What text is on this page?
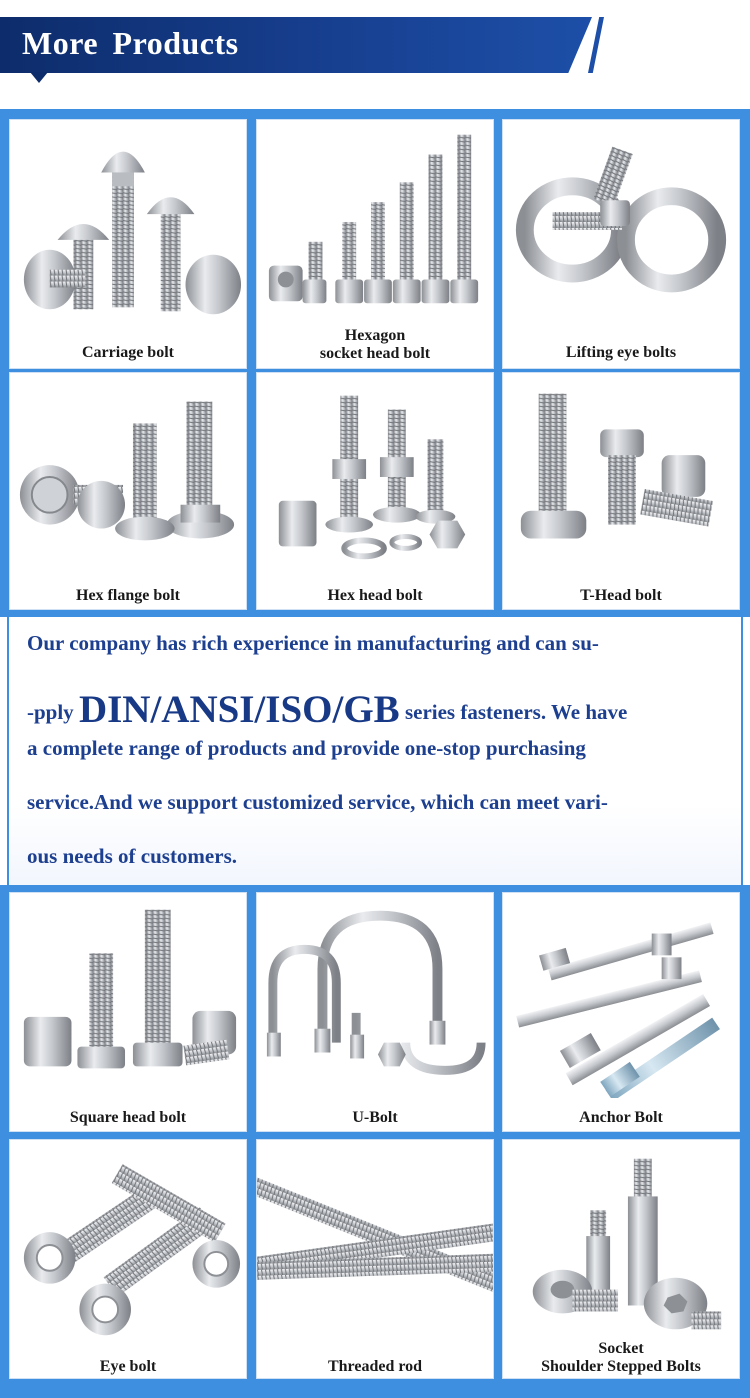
More Products
Carriage bolt
Hexagon
socket head bolt	Lifting eye bolts
Hex flange bolt	Hex head bolt	T-Head bolt
Our company has rich experience in manufacturing and can su-
-pply DIN/ANSI/ISO/GB series fasteners. We have
a complete range of products and provide one-stop purchasing
service.And we support customized service, which can meet vari-
ous needs of customers.
Square head bolt	U-Bolt	Anchor Bolt
Eye bolt	Threaded rod
Socket
Shoulder Stepped Bolts
